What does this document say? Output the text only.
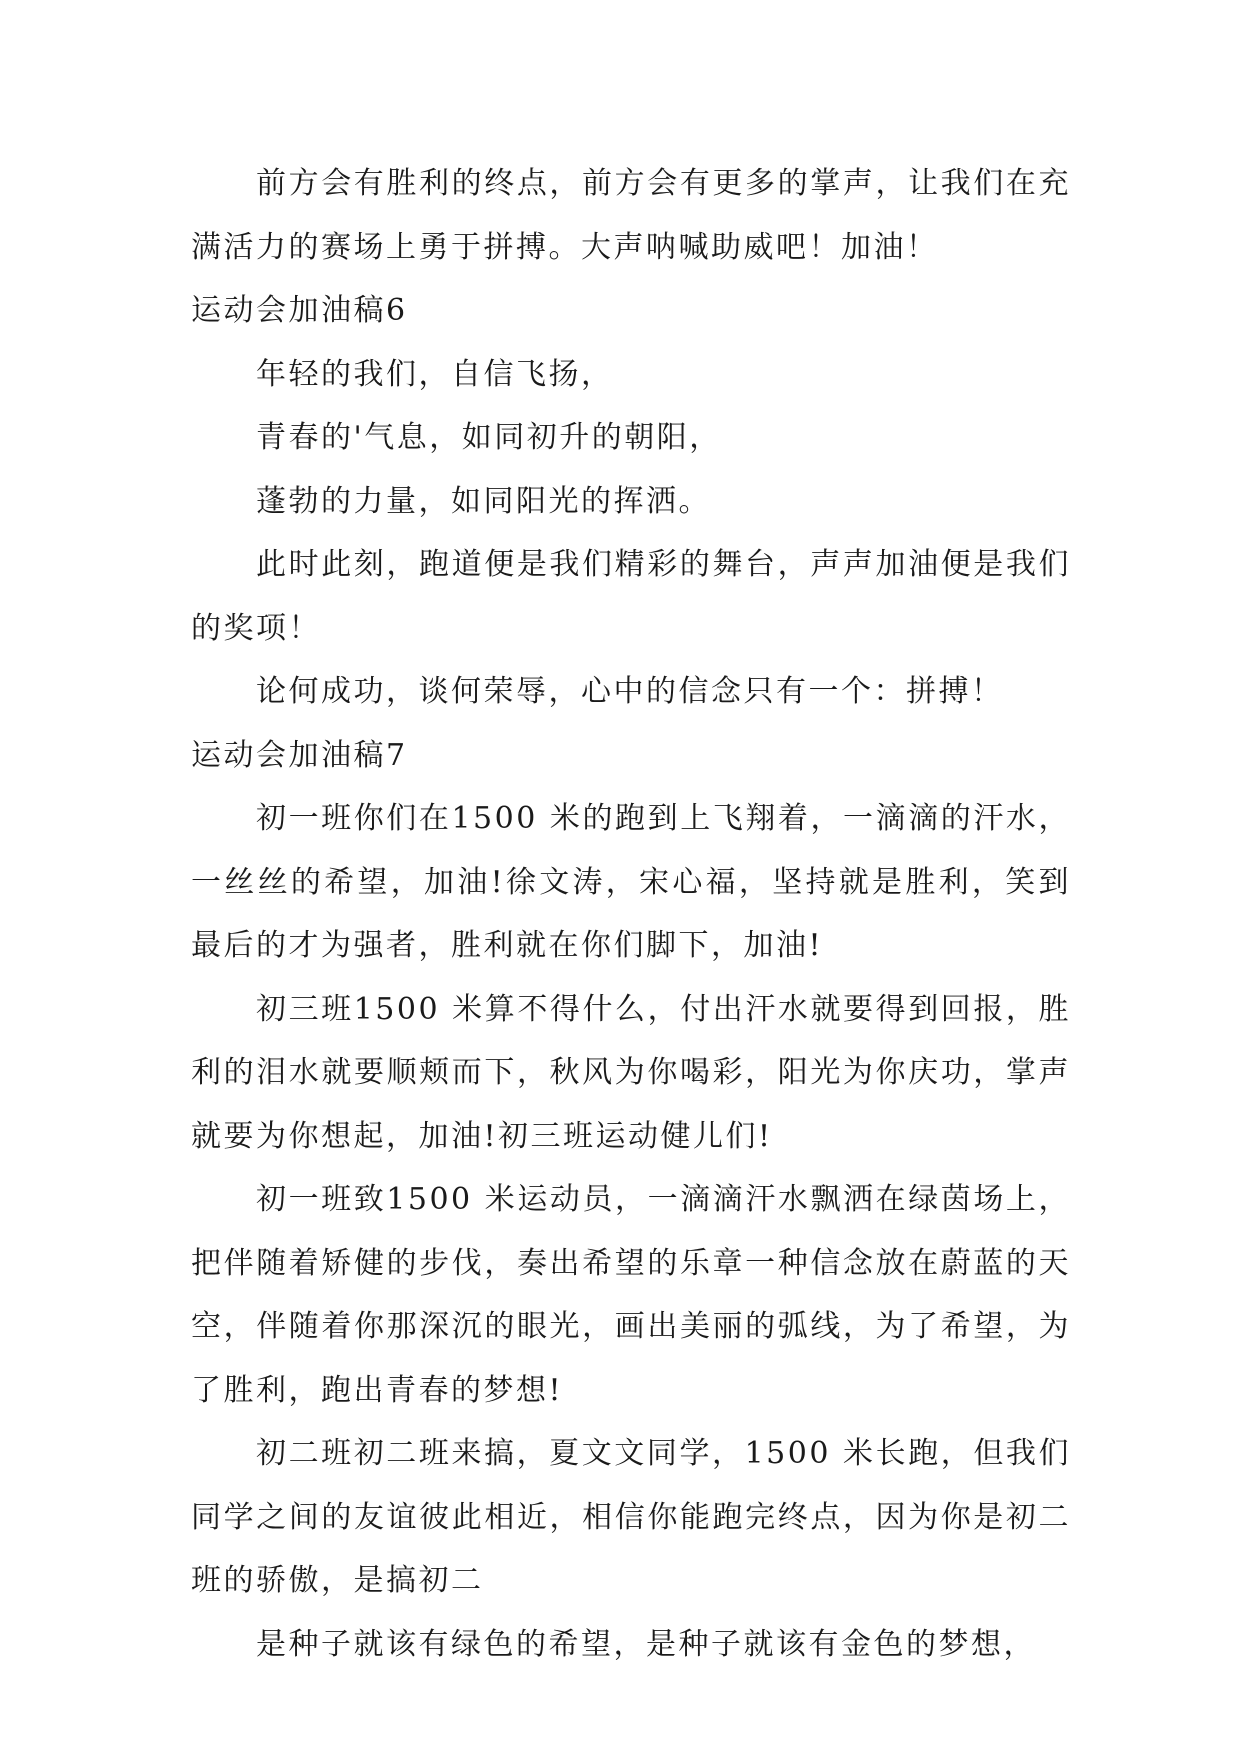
前方会有胜利的终点，前方会有更多的掌声，让我们在充满活力的赛场上勇于拼搏。大声呐喊助威吧！加油！

运动会加油稿6

年轻的我们，自信飞扬，

青春的'气息，如同初升的朝阳，

蓬勃的力量，如同阳光的挥洒。

此时此刻，跑道便是我们精彩的舞台，声声加油便是我们的奖项！

论何成功，谈何荣辱，心中的信念只有一个：拼搏！

运动会加油稿7

初一班你们在1500 米的跑到上飞翔着，一滴滴的汗水，一丝丝的希望，加油!徐文涛，宋心福，坚持就是胜利，笑到最后的才为强者，胜利就在你们脚下，加油!

初三班1500 米算不得什么，付出汗水就要得到回报，胜利的泪水就要顺颊而下，秋风为你喝彩，阳光为你庆功，掌声就要为你想起，加油!初三班运动健儿们!

初一班致1500 米运动员，一滴滴汗水飘洒在绿茵场上，把伴随着矫健的步伐，奏出希望的乐章一种信念放在蔚蓝的天空，伴随着你那深沉的眼光，画出美丽的弧线，为了希望，为了胜利，跑出青春的梦想!

初二班初二班来搞，夏文文同学，1500 米长跑，但我们同学之间的友谊彼此相近，相信你能跑完终点，因为你是初二班的骄傲，是搞初二

是种子就该有绿色的希望，是种子就该有金色的梦想，
